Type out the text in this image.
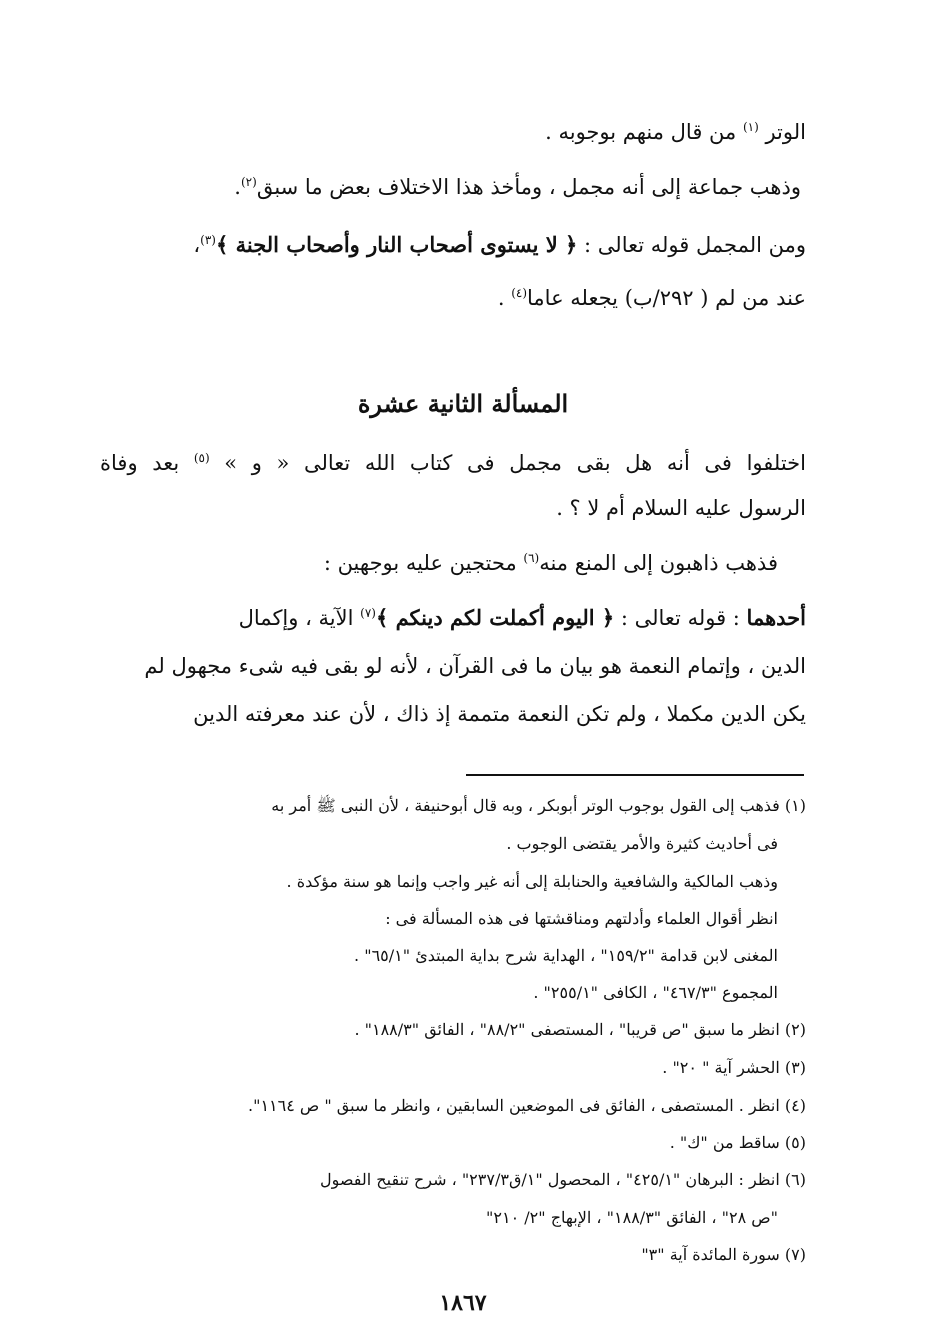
الوتر $^{(١)}$ من قال منهم بوجوبه .
وذهب جماعة إلى أنه مجمل ، ومأخذ هذا الاختلاف بعض ما سبق$^{(٢)}$.
ومن المجمل قوله تعالى : ﴿ لا يستوى أصحاب النار وأصحاب الجنة ﴾$^{(٣)}$،
عند من لم ( ٢٩٢/ب) يجعله عاما$^{(٤)}$ .
المسألة الثانية عشرة
اختلفوا فى أنه هل بقى مجمل فى كتاب الله تعالى « و » $^{(٥)}$ بعد وفاة
الرسول عليه السلام أم لا ؟ .
فذهب ذاهبون إلى المنع منه$^{(٦)}$ محتجين عليه بوجهين :
أحدهما : قوله تعالى : ﴿ اليوم أكملت لكم دينكم ﴾$^{(٧)}$ الآية ، وإكمال
الدين ، وإتمام النعمة هو بيان ما فى القرآن ، لأنه لو بقى فيه شىء مجهول لم
يكن الدين مكملا ، ولم تكن النعمة متممة إذ ذاك ، لأن عند معرفته الدين
(١) فذهب إلى القول بوجوب الوتر أبوبكر ، وبه قال أبوحنيفة ، لأن النبى ﷺ أمر به
فى أحاديث كثيرة والأمر يقتضى الوجوب .
وذهب المالكية والشافعية والحنابلة إلى أنه غير واجب وإنما هو سنة مؤكدة .
انظر أقوال العلماء وأدلتهم ومناقشتها فى هذه المسألة فى :
المغنى لابن قدامة "١٥٩/٢" ، الهداية شرح بداية المبتدئ "٦٥/١" .
المجموع "٤٦٧/٣" ، الكافى "٢٥٥/١" .
(٢) انظر ما سبق "ص قريبا" ، المستصفى "٨٨/٢" ، الفائق "١٨٨/٣" .
(٣) الحشر آية " ٢٠" .
(٤) انظر . المستصفى ، الفائق فى الموضعين السابقين ، وانظر ما سبق " ص ١١٦٤".
(٥) ساقط من "ك" .
(٦) انظر : البرهان "٤٢٥/١" ، المحصول "١/ق٢٣٧/٣" ، شرح تنقيح الفصول
"ص ٢٨" ، الفائق "١٨٨/٣" ، الإبهاج "٢/ ٢١٠"
(٧) سورة المائدة آية "٣"
١٨٦٧
